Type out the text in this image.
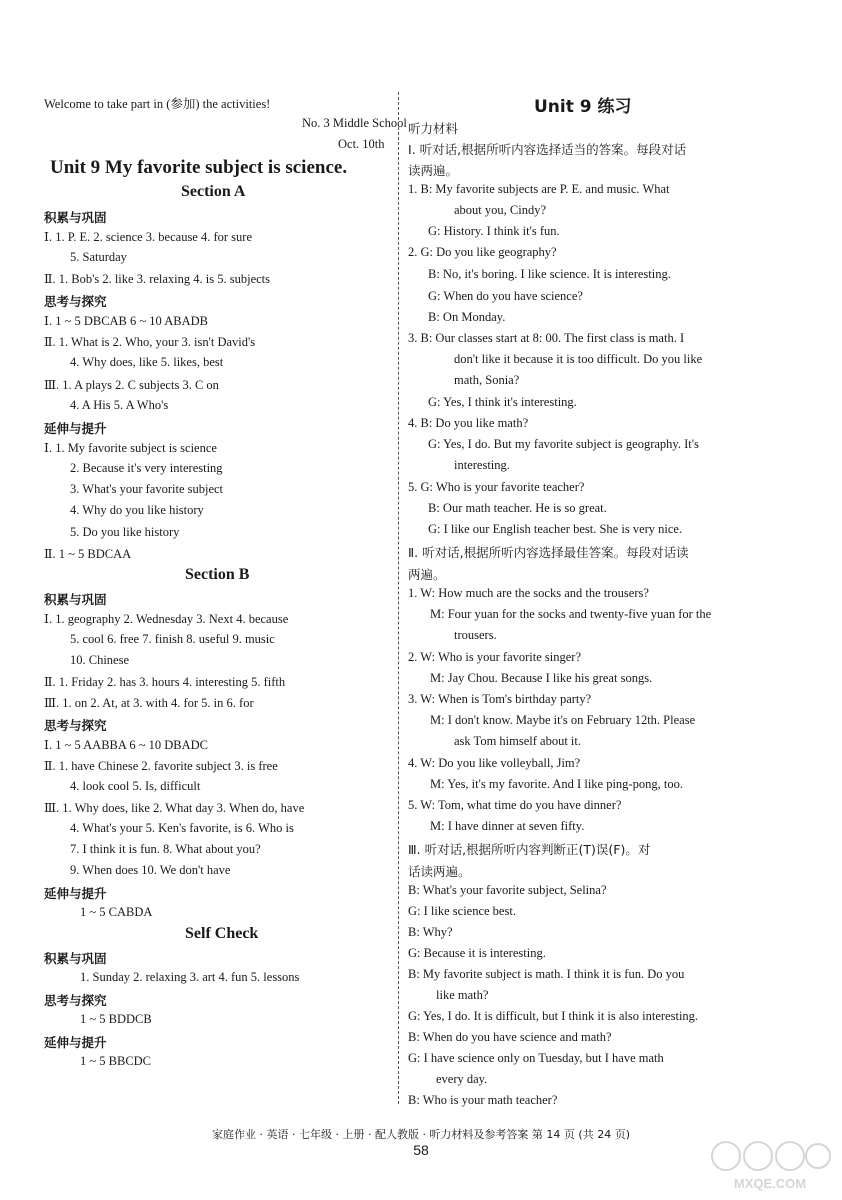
Welcome to take part in (参加) the activities!
No. 3 Middle School
Oct. 10th
Unit 9 My favorite subject is science.
Section A
积累与巩固
Ⅰ. 1. P. E. 2. science 3. because 4. for sure
5. Saturday
Ⅱ. 1. Bob's 2. like 3. relaxing 4. is 5. subjects
思考与探究
Ⅰ. 1 ~ 5 DBCAB 6 ~ 10 ABADB
Ⅱ. 1. What is 2. Who, your 3. isn't David's
4. Why does, like 5. likes, best
Ⅲ. 1. A plays 2. C subjects 3. C on
4. A His 5. A Who's
延伸与提升
Ⅰ. 1. My favorite subject is science
2. Because it's very interesting
3. What's your favorite subject
4. Why do you like history
5. Do you like history
Ⅱ. 1 ~ 5 BDCAA
Section B
积累与巩固
Ⅰ. 1. geography 2. Wednesday 3. Next 4. because
5. cool 6. free 7. finish 8. useful 9. music
10. Chinese
Ⅱ. 1. Friday 2. has 3. hours 4. interesting 5. fifth
Ⅲ. 1. on 2. At, at 3. with 4. for 5. in 6. for
思考与探究
Ⅰ. 1 ~ 5 AABBA 6 ~ 10 DBADC
Ⅱ. 1. have Chinese 2. favorite subject 3. is free
4. look cool 5. Is, difficult
Ⅲ. 1. Why does, like 2. What day 3. When do, have
4. What's your 5. Ken's favorite, is 6. Who is
7. I think it is fun. 8. What about you?
9. When does 10. We don't have
延伸与提升
1 ~ 5 CABDA
Self Check
积累与巩固
1. Sunday 2. relaxing 3. art 4. fun 5. lessons
思考与探究
1 ~ 5 BDDCB
延伸与提升
1 ~ 5 BBCDC
Unit 9 练习
听力材料
Ⅰ. 听对话,根据所听内容选择适当的答案。每段对话
读两遍。
1. B: My favorite subjects are P. E. and music. What
about you, Cindy?
G: History. I think it's fun.
2. G: Do you like geography?
B: No, it's boring. I like science. It is interesting.
G: When do you have science?
B: On Monday.
3. B: Our classes start at 8: 00. The first class is math. I
don't like it because it is too difficult. Do you like
math, Sonia?
G: Yes, I think it's interesting.
4. B: Do you like math?
G: Yes, I do. But my favorite subject is geography. It's
interesting.
5. G: Who is your favorite teacher?
B: Our math teacher. He is so great.
G: I like our English teacher best. She is very nice.
Ⅱ. 听对话,根据所听内容选择最佳答案。每段对话读
两遍。
1. W: How much are the socks and the trousers?
M: Four yuan for the socks and twenty-five yuan for the
trousers.
2. W: Who is your favorite singer?
M: Jay Chou. Because I like his great songs.
3. W: When is Tom's birthday party?
M: I don't know. Maybe it's on February 12th. Please
ask Tom himself about it.
4. W: Do you like volleyball, Jim?
M: Yes, it's my favorite. And I like ping-pong, too.
5. W: Tom, what time do you have dinner?
M: I have dinner at seven fifty.
Ⅲ. 听对话,根据所听内容判断正(T)误(F)。对
话读两遍。
B: What's your favorite subject, Selina?
G: I like science best.
B: Why?
G: Because it is interesting.
B: My favorite subject is math. I think it is fun. Do you
like math?
G: Yes, I do. It is difficult, but I think it is also interesting.
B: When do you have science and math?
G: I have science only on Tuesday, but I have math
every day.
B: Who is your math teacher?
家庭作业 · 英语 · 七年级 · 上册 · 配人教版 · 听力材料及参考答案 第 14 页 (共 24 页)
58
MXQE.COM
